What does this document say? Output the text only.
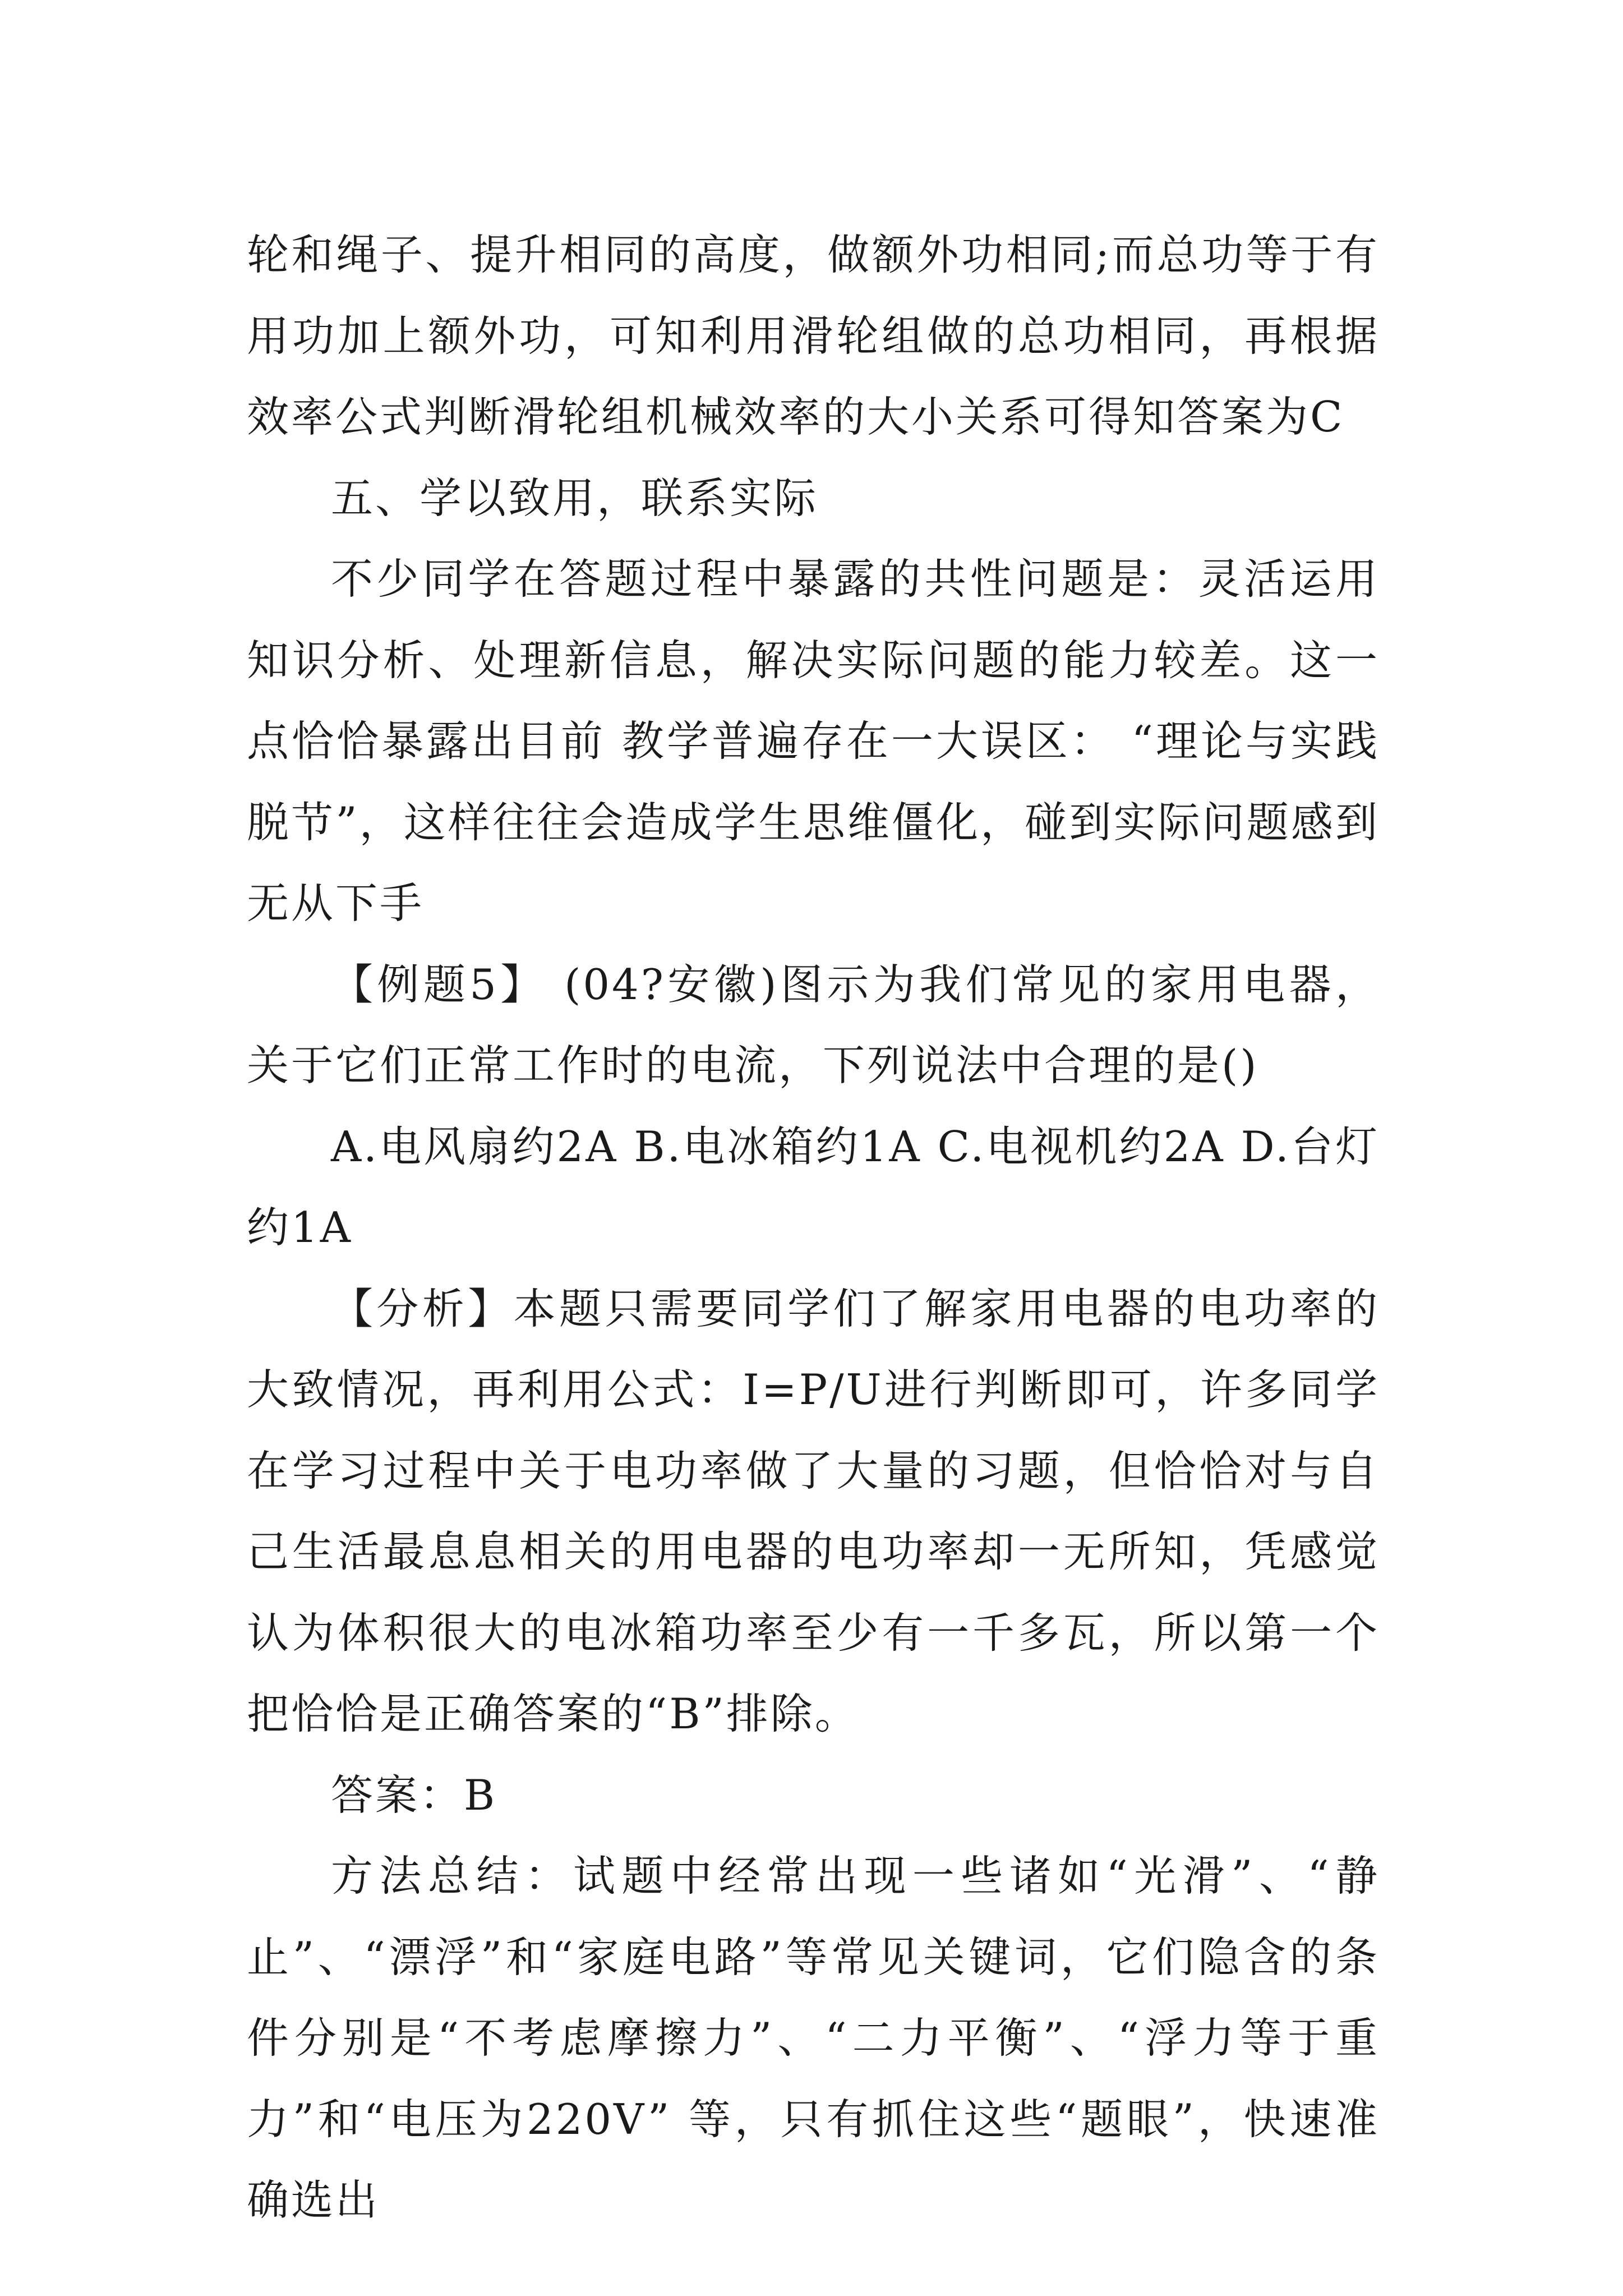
轮和绳子、提升相同的高度，做额外功相同;而总功等于有用功加上额外功，可知利用滑轮组做的总功相同，再根据效率公式判断滑轮组机械效率的大小关系可得知答案为C

五、学以致用，联系实际

不少同学在答题过程中暴露的共性问题是：灵活运用知识分析、处理新信息，解决实际问题的能力较差。这一点恰恰暴露出目前 教学普遍存在一大误区： “理论与实践脱节”，这样往往会造成学生思维僵化，碰到实际问题感到无从下手

【例题5】 (04?安徽)图示为我们常见的家用电器，关于它们正常工作时的电流，下列说法中合理的是()

A.电风扇约2A B.电冰箱约1A C.电视机约2A D.台灯约1A

【分析】本题只需要同学们了解家用电器的电功率的大致情况，再利用公式：I=P/U进行判断即可，许多同学在学习过程中关于电功率做了大量的习题，但恰恰对与自己生活最息息相关的用电器的电功率却一无所知，凭感觉认为体积很大的电冰箱功率至少有一千多瓦，所以第一个把恰恰是正确答案的“B”排除。

答案：B

方法总结：试题中经常出现一些诸如“光滑”、“静止”、“漂浮”和“家庭电路”等常见关键词，它们隐含的条件分别是“不考虑摩擦力”、“二力平衡”、“浮力等于重力”和“电压为220V” 等，只有抓住这些“题眼”，快速准确选出
